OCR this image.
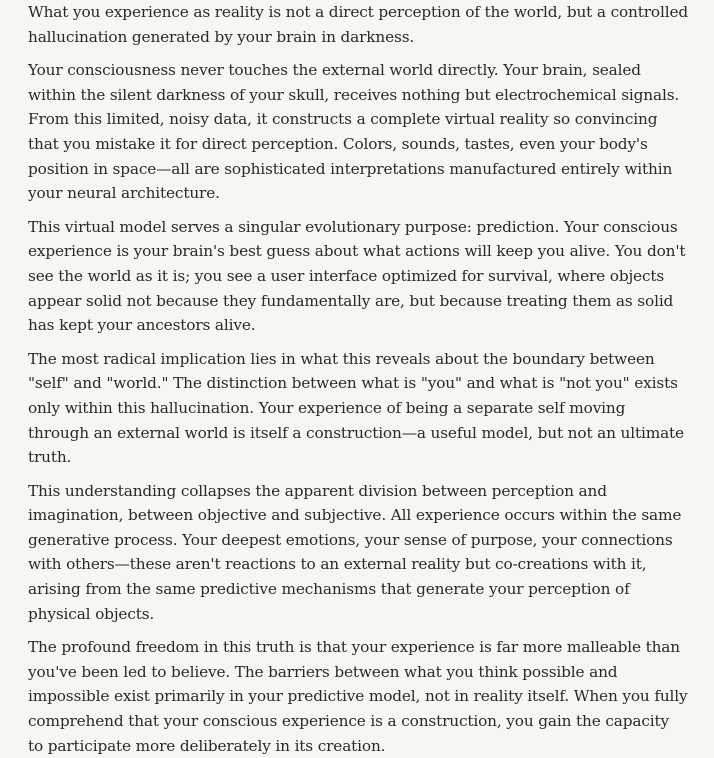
What you experience as reality is not a direct perception of the world, but a controlled hallucination generated by your brain in darkness.

Your consciousness never touches the external world directly. Your brain, sealed within the silent darkness of your skull, receives nothing but electrochemical signals. From this limited, noisy data, it constructs a complete virtual reality so convincing that you mistake it for direct perception. Colors, sounds, tastes, even your body's position in space—all are sophisticated interpretations manufactured entirely within your neural architecture.

This virtual model serves a singular evolutionary purpose: prediction. Your conscious experience is your brain's best guess about what actions will keep you alive. You don't see the world as it is; you see a user interface optimized for survival, where objects appear solid not because they fundamentally are, but because treating them as solid has kept your ancestors alive.

The most radical implication lies in what this reveals about the boundary between "self" and "world." The distinction between what is "you" and what is "not you" exists only within this hallucination. Your experience of being a separate self moving through an external world is itself a construction—a useful model, but not an ultimate truth.

This understanding collapses the apparent division between perception and imagination, between objective and subjective. All experience occurs within the same generative process. Your deepest emotions, your sense of purpose, your connections with others—these aren't reactions to an external reality but co-creations with it, arising from the same predictive mechanisms that generate your perception of physical objects.

The profound freedom in this truth is that your experience is far more malleable than you've been led to believe. The barriers between what you think possible and impossible exist primarily in your predictive model, not in reality itself. When you fully comprehend that your conscious experience is a construction, you gain the capacity to participate more deliberately in its creation.
